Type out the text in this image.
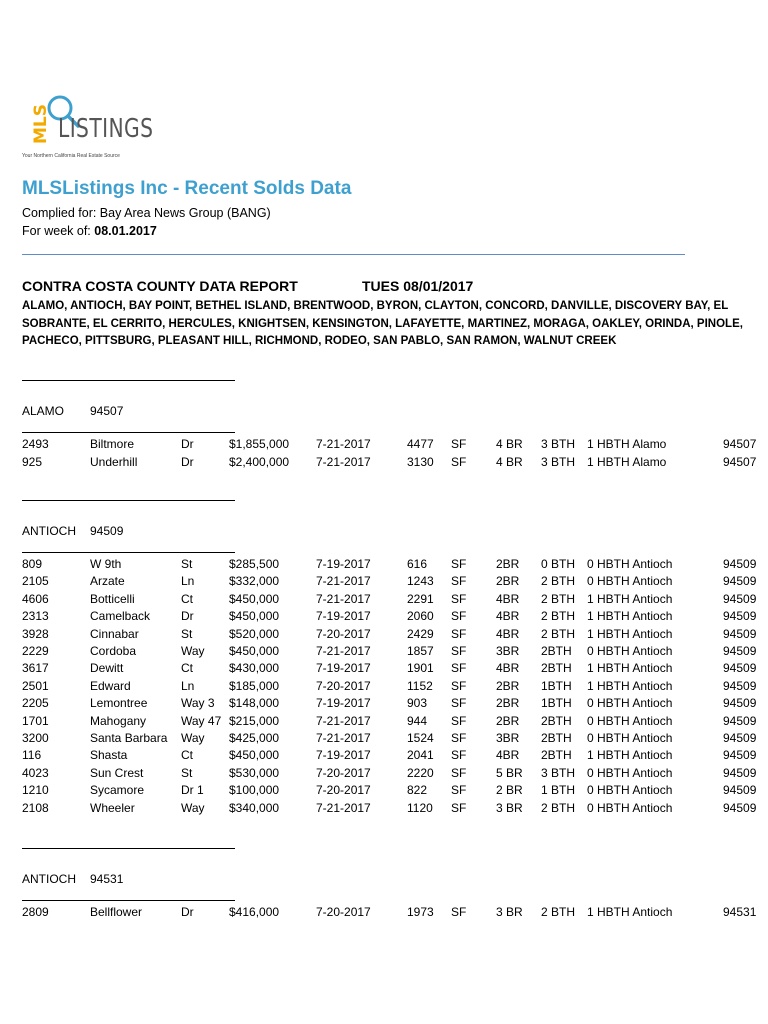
MLS LISTINGS
Your Northern California Real Estate Source
MLSListings Inc - Recent Solds Data
Complied for: Bay Area News Group (BANG)
For week of: 08.01.2017
CONTRA COSTA COUNTY DATA REPORT	TUES 08/01/2017
ALAMO, ANTIOCH, BAY POINT, BETHEL ISLAND, BRENTWOOD, BYRON, CLAYTON, CONCORD, DANVILLE, DISCOVERY BAY, EL SOBRANTE, EL CERRITO, HERCULES, KNIGHTSEN, KENSINGTON, LAFAYETTE, MARTINEZ, MORAGA, OAKLEY, ORINDA, PINOLE, PACHECO, PITTSBURG, PLEASANT HILL, RICHMOND, RODEO, SAN PABLO, SAN RAMON, WALNUT CREEK
ALAMO 94507
2493	Biltmore	Dr	$1,855,000 7-21-2017	4477 SF 4 BR 3 BTH 1 HBTH Alamo	94507
925	Underhill	Dr	$2,400,000 7-21-2017	3130 SF 4 BR 3 BTH 1 HBTH Alamo	94507
ANTIOCH 94509
809	W 9th	St	$285,500	7-19-2017	616 SF 2BR 0 BTH 0 HBTH Antioch	94509
2105	Arzate	Ln	$332,000	7-21-2017	1243 SF 2BR 2 BTH 0 HBTH Antioch	94509
4606	Botticelli	Ct	$450,000	7-21-2017	2291 SF 4BR 2 BTH 1 HBTH Antioch	94509
2313	Camelback	Dr	$450,000	7-19-2017	2060 SF 4BR 2 BTH 1 HBTH Antioch	94509
3928	Cinnabar	St	$520,000	7-20-2017	2429 SF 4BR 2 BTH 1 HBTH Antioch	94509
2229	Cordoba	Way $450,000	7-21-2017	1857 SF 3BR 2BTH 0 HBTH Antioch	94509
3617	Dewitt	Ct	$430,000	7-19-2017	1901 SF 4BR 2BTH 1 HBTH Antioch	94509
2501	Edward	Ln	$185,000	7-20-2017	1152 SF 2BR 1BTH 1 HBTH Antioch	94509
2205	Lemontree	Way 3 $148,000	7-19-2017	903 SF 2BR 1BTH 0 HBTH Antioch	94509
1701	Mahogany	Way 47 $215,000	7-21-2017	944 SF 2BR 2BTH 0 HBTH Antioch	94509
3200	Santa Barbara Way $425,000	7-21-2017	1524 SF 3BR 2BTH 0 HBTH Antioch	94509
116	Shasta	Ct	$450,000	7-19-2017	2041 SF 4BR 2BTH 1 HBTH Antioch	94509
4023	Sun Crest	St	$530,000	7-20-2017	2220 SF 5 BR 3 BTH 0 HBTH Antioch	94509
1210	Sycamore	Dr 1 $100,000	7-20-2017	822 SF 2 BR 1 BTH 0 HBTH Antioch	94509
2108	Wheeler	Way $340,000	7-21-2017	1120 SF 3 BR 2 BTH 0 HBTH Antioch	94509
ANTIOCH 94531
2809	Bellflower	Dr	$416,000	7-20-2017	1973 SF 3 BR 2 BTH 1 HBTH Antioch	94531
